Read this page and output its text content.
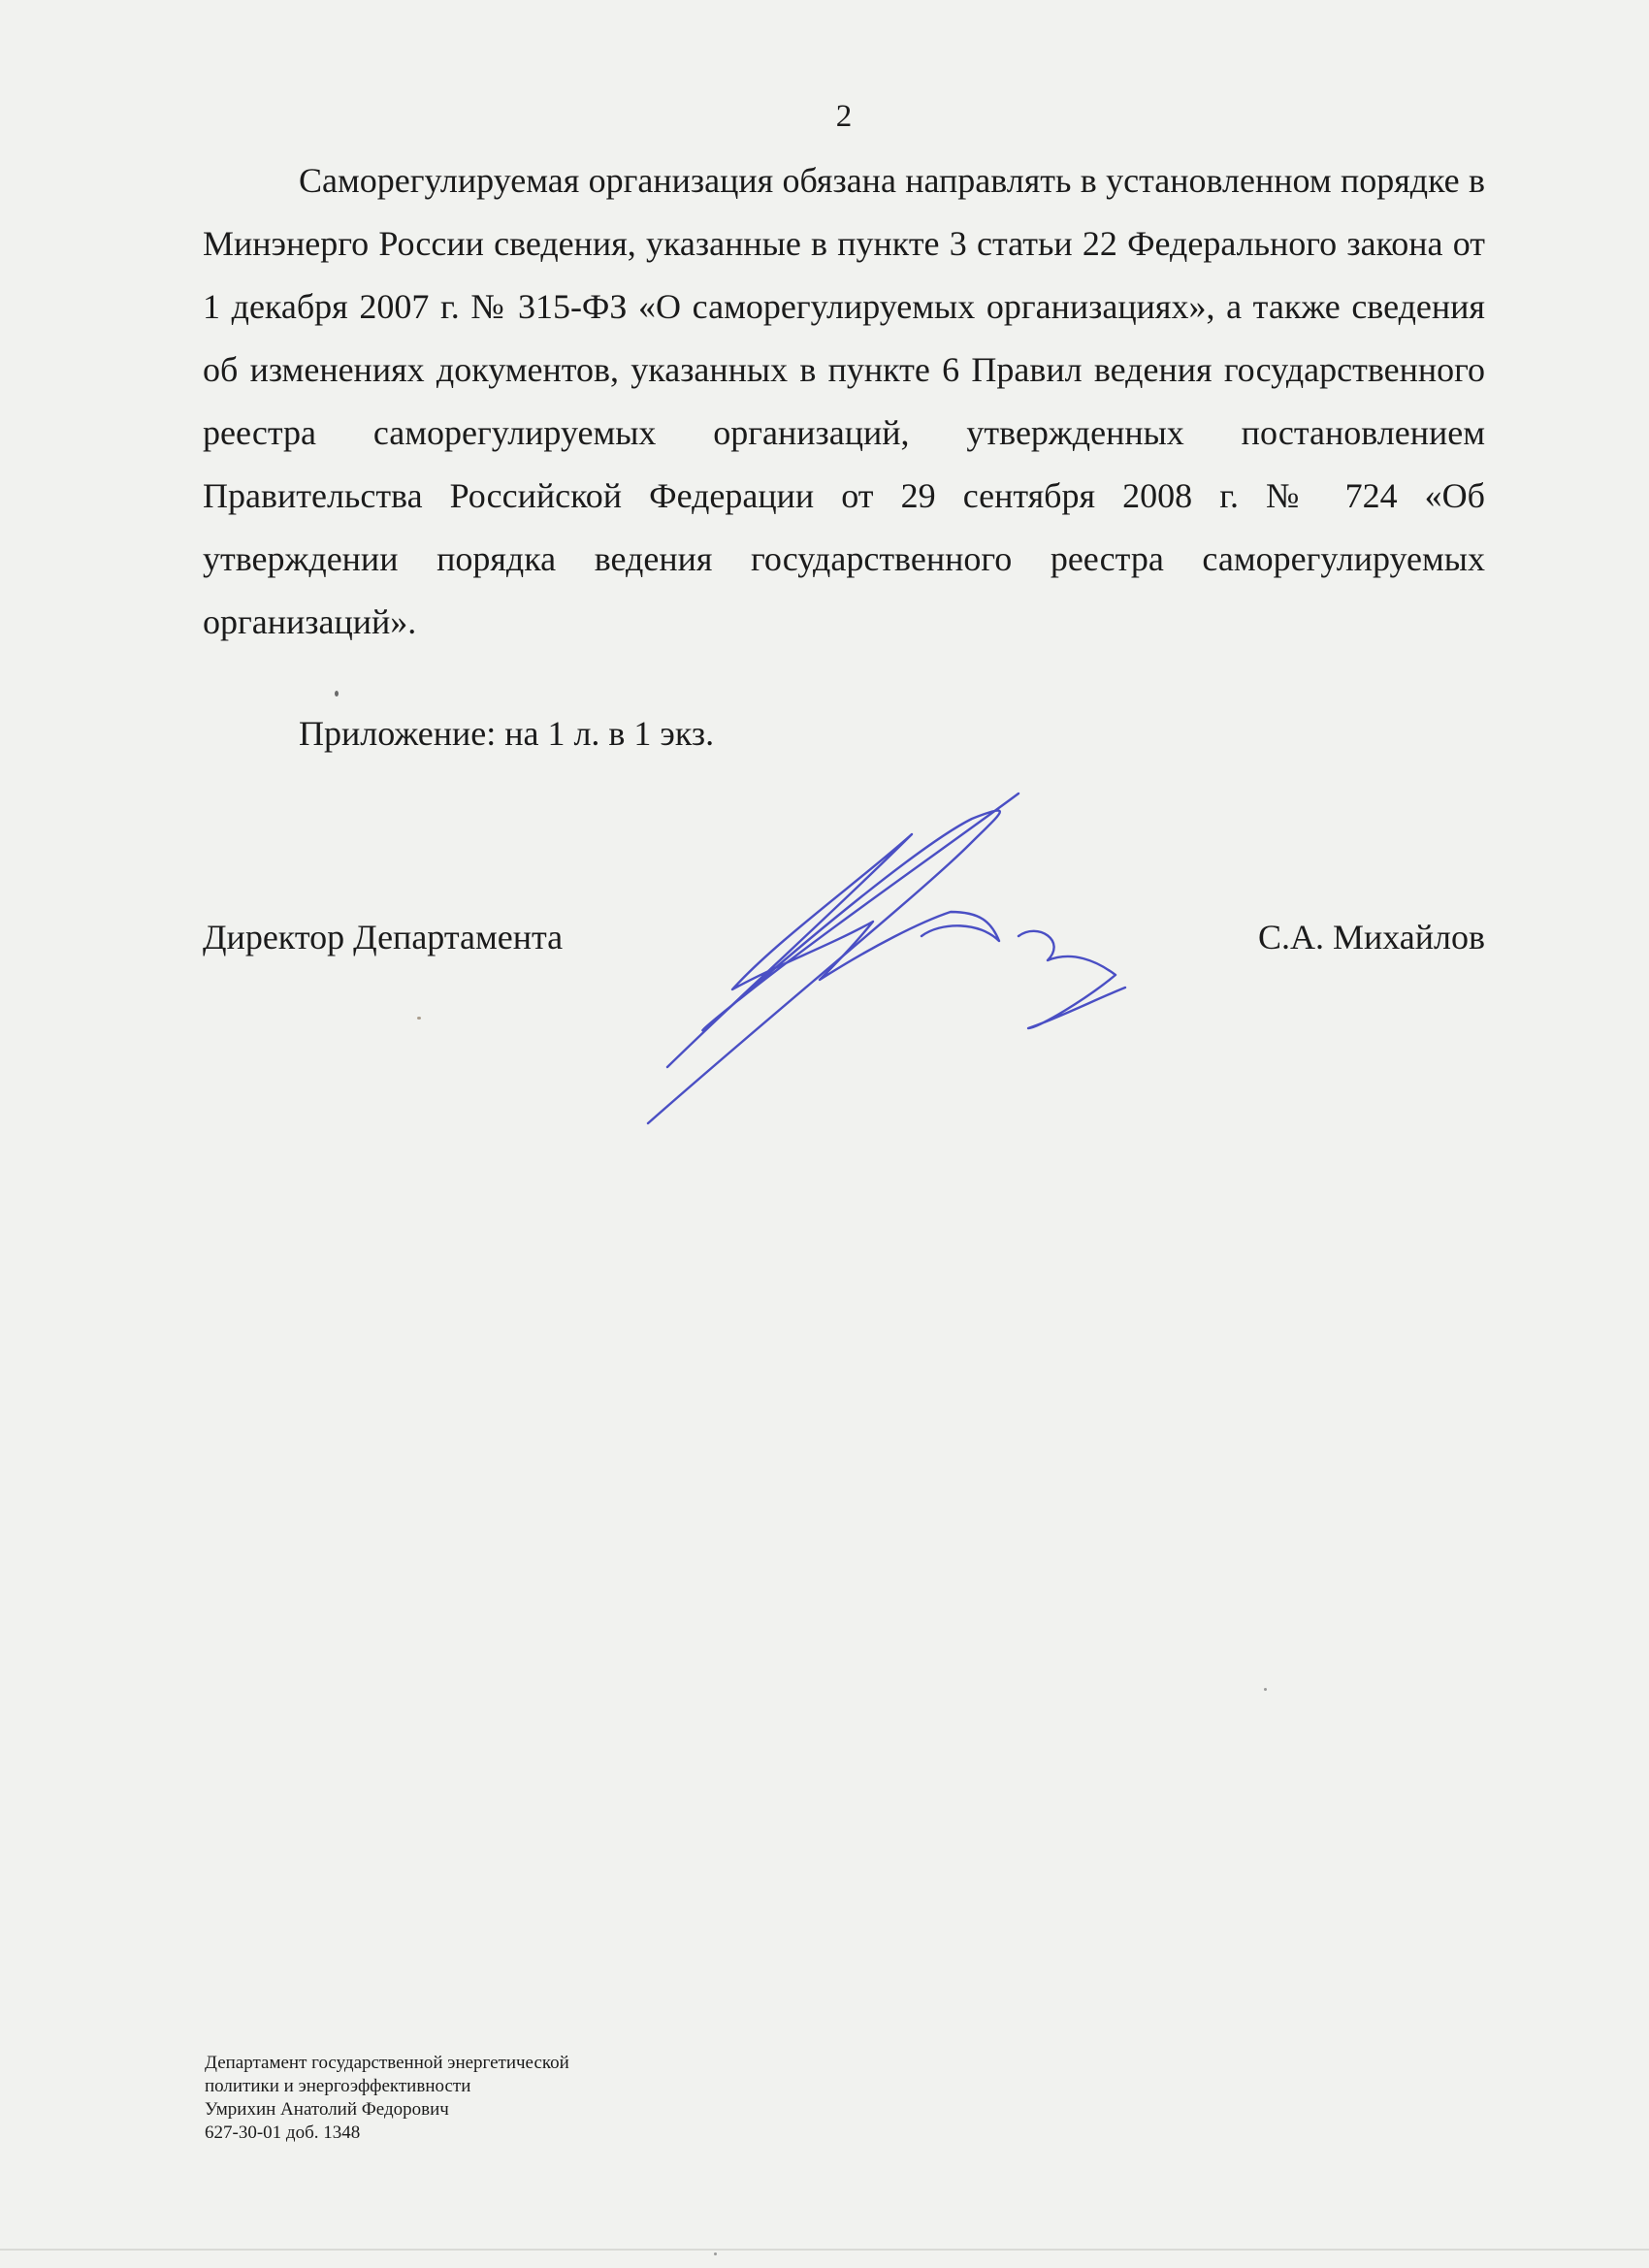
2

Саморегулируемая организация обязана направлять в установленном порядке в Минэнерго России сведения, указанные в пункте 3 статьи 22 Федерального закона от 1 декабря 2007 г. № 315-ФЗ «О саморегулируемых организациях», а также сведения об изменениях документов, указанных в пункте 6 Правил ведения государственного реестра саморегулируемых организаций, утвержденных постановлением Правительства Российской Федерации от 29 сентября 2008 г. № 724 «Об утверждении порядка ведения государственного реестра саморегулируемых организаций».

Приложение: на 1 л. в 1 экз.
Директор Департамента	С.А. Михайлов
Департамент государственной энергетической
политики и энергоэффективности
Умрихин Анатолий Федорович
627-30-01 доб. 1348
